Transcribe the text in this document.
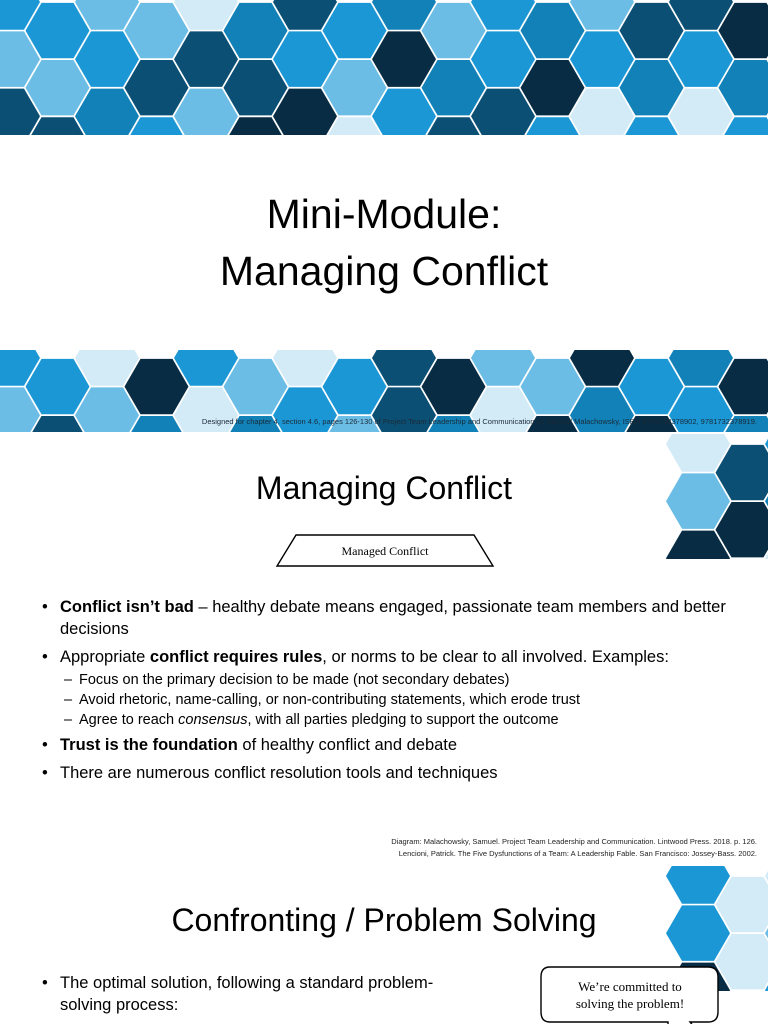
Mini-Module:
Managing Conflict
Designed for chapter 4, section 4.6, pages 126-130 of Project Team Leadership and Communication by Samuel Malachowsky, ISBN 9781732378902, 9781732378919.
Managing Conflict
Managed Conflict
• Conflict isn’t bad – healthy debate means engaged, passionate team members and better decisions
• Appropriate conflict requires rules, or norms to be clear to all involved. Examples:
– Focus on the primary decision to be made (not secondary debates)
– Avoid rhetoric, name-calling, or non-contributing statements, which erode trust
– Agree to reach consensus, with all parties pledging to support the outcome
• Trust is the foundation of healthy conflict and debate
• There are numerous conflict resolution tools and techniques
Diagram: Malachowsky, Samuel. Project Team Leadership and Communication. Lintwood Press. 2018. p. 126.
Lencioni, Patrick. The Five Dysfunctions of a Team: A Leadership Fable. San Francisco: Jossey-Bass. 2002.
Confronting / Problem Solving
• The optimal solution, following a standard problem-solving process:
We’re committed to
solving the problem!
